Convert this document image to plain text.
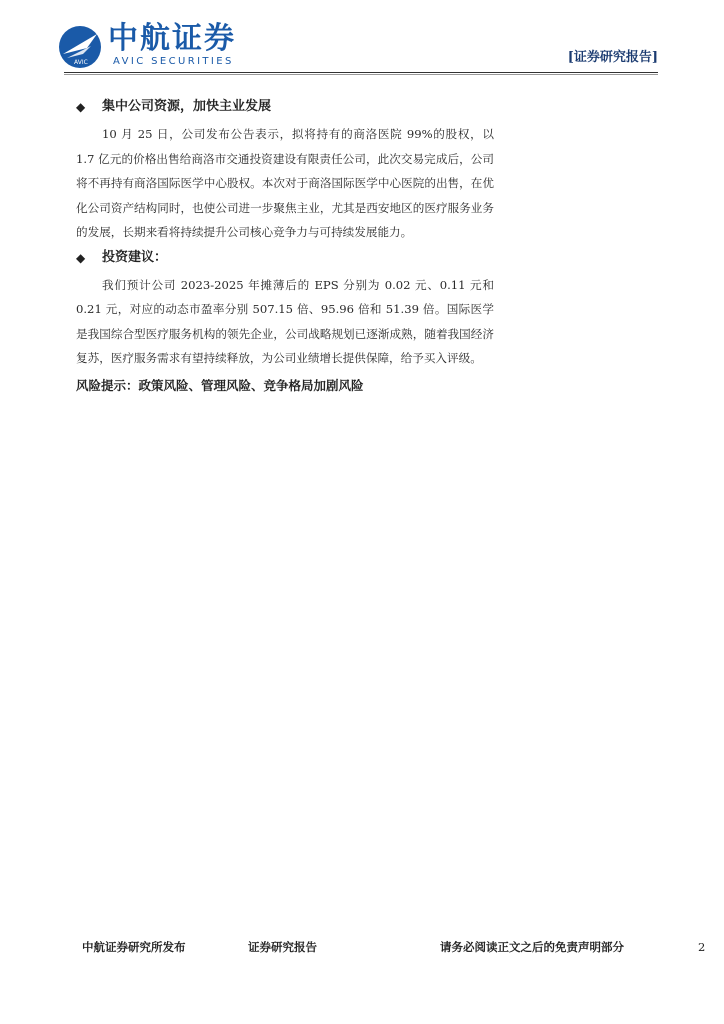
AVIC
中航证券
AVIC SECURITIES	[证券研究报告]
◆	集中公司资源，加快主业发展

10 月 25 日，公司发布公告表示，拟将持有的商洛医院 99%的股权，以 1.7 亿元的价格出售给商洛市交通投资建设有限责任公司，此次交易完成后，公司将不再持有商洛国际医学中心股权。本次对于商洛国际医学中心医院的出售，在优化公司资产结构同时，也使公司进一步聚焦主业，尤其是西安地区的医疗服务业务的发展，长期来看将持续提升公司核心竞争力与可持续发展能力。

◆	投资建议：

我们预计公司 2023-2025 年摊薄后的 EPS 分别为 0.02 元、0.11 元和 0.21 元，对应的动态市盈率分别 507.15 倍、95.96 倍和 51.39 倍。国际医学是我国综合型医疗服务机构的领先企业，公司战略规划已逐渐成熟，随着我国经济复苏，医疗服务需求有望持续释放，为公司业绩增长提供保障，给予买入评级。

风险提示：政策风险、管理风险、竞争格局加剧风险
中航证券研究所发布	证券研究报告	请务必阅读正文之后的免责声明部分	2
